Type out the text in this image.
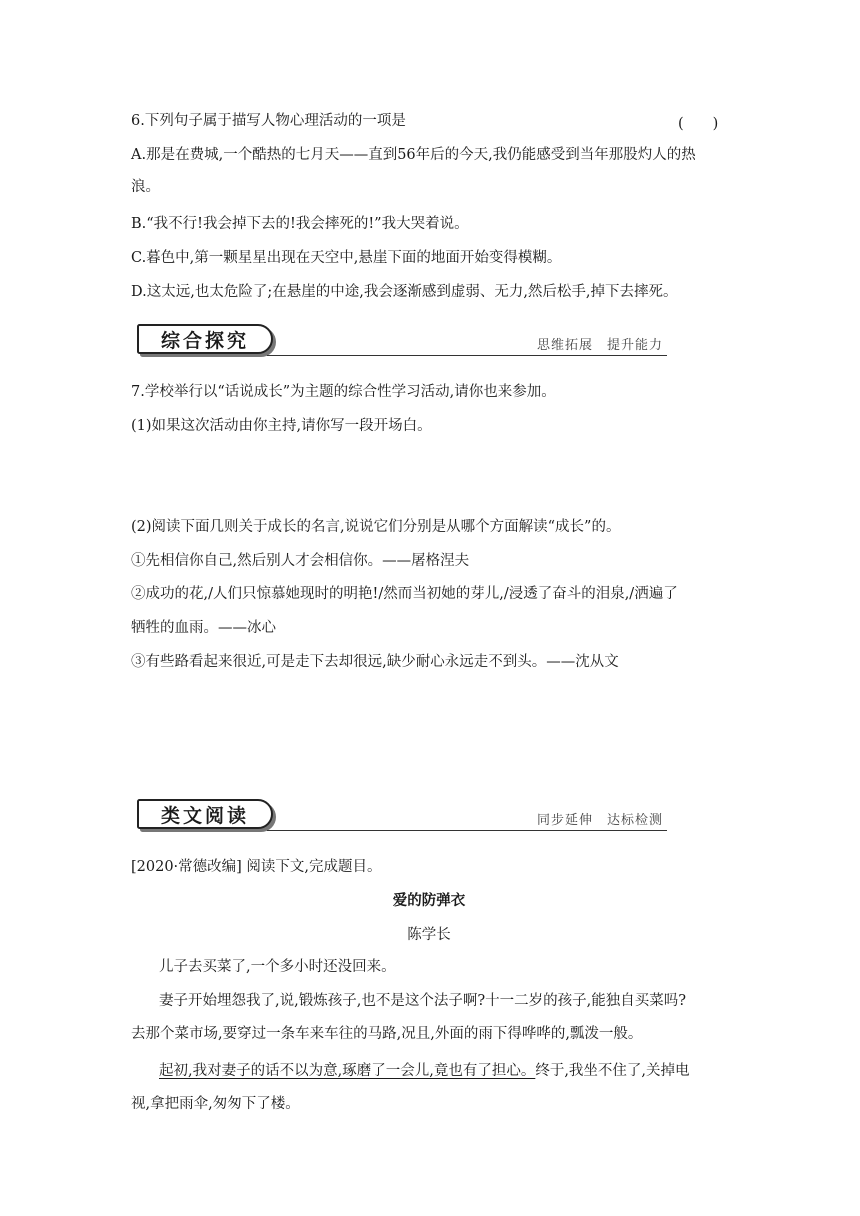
6.下列句子属于描写人物心理活动的一项是	(　　)
A.那是在费城,一个酷热的七月天——直到56年后的今天,我仍能感受到当年那股灼人的热
浪。
B.“我不行!我会掉下去的!我会摔死的!”我大哭着说。
C.暮色中,第一颗星星出现在天空中,悬崖下面的地面开始变得模糊。
D.这太远,也太危险了;在悬崖的中途,我会逐渐感到虚弱、无力,然后松手,掉下去摔死。
综合探究	思维拓展　提升能力
7.学校举行以“话说成长”为主题的综合性学习活动,请你也来参加。
(1)如果这次活动由你主持,请你写一段开场白。
(2)阅读下面几则关于成长的名言,说说它们分别是从哪个方面解读“成长”的。
①先相信你自己,然后别人才会相信你。——屠格涅夫
②成功的花,/人们只惊慕她现时的明艳!/然而当初她的芽儿,/浸透了奋斗的泪泉,/洒遍了
牺牲的血雨。——冰心
③有些路看起来很近,可是走下去却很远,缺少耐心永远走不到头。——沈从文
类文阅读	同步延伸　达标检测
[2020·常德改编] 阅读下文,完成题目。
爱的防弹衣
陈学长
儿子去买菜了,一个多小时还没回来。
妻子开始埋怨我了,说,锻炼孩子,也不是这个法子啊?十一二岁的孩子,能独自买菜吗?
去那个菜市场,要穿过一条车来车往的马路,况且,外面的雨下得哗哗的,瓢泼一般。
起初,我对妻子的话不以为意,琢磨了一会儿,竟也有了担心。终于,我坐不住了,关掉电
视,拿把雨伞,匆匆下了楼。
